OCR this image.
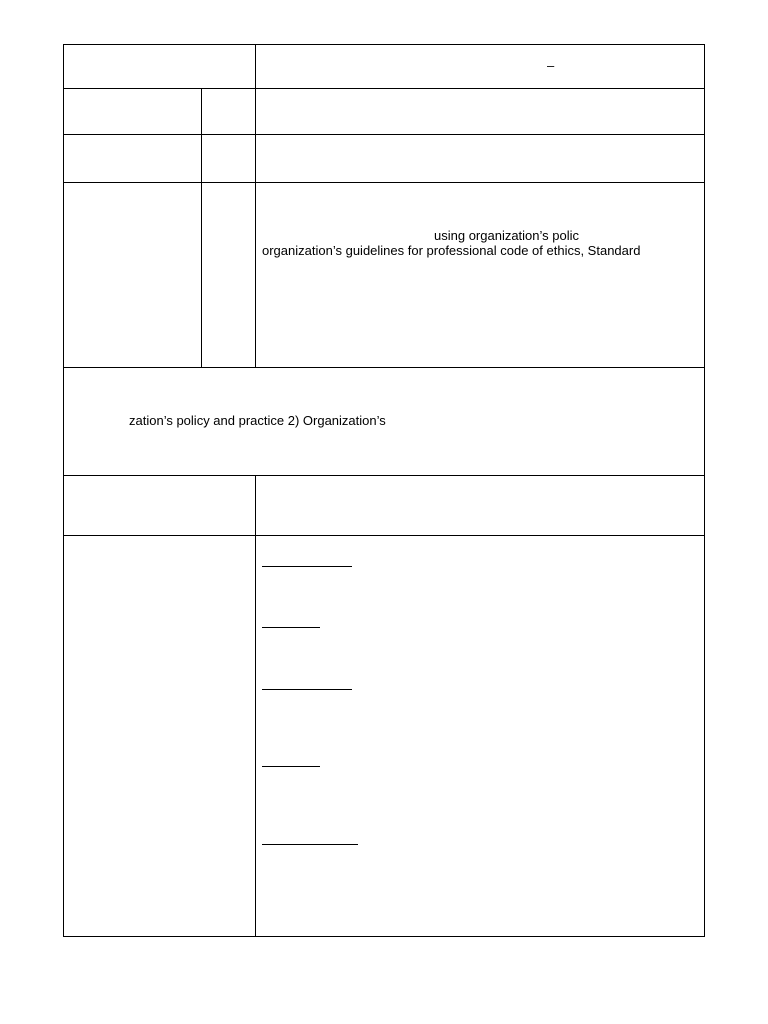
–
using organization’s polic
organization’s guidelines for professional code of ethics, Standard
zation’s policy and practice 2) Organization’s
